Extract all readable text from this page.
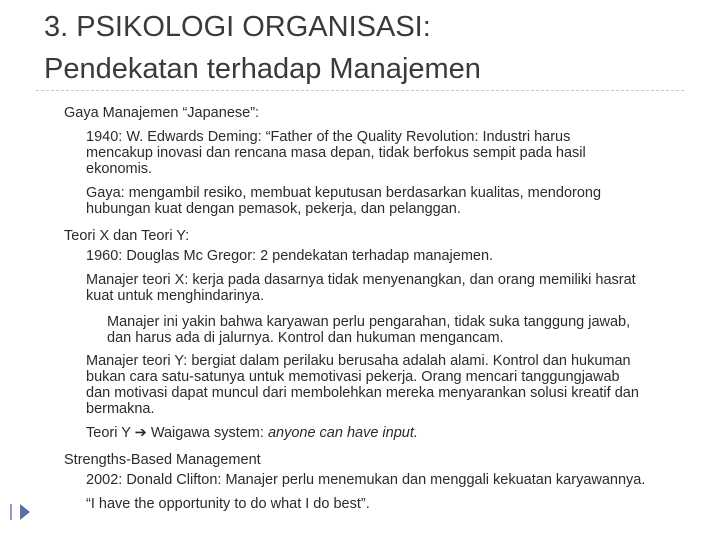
3. PSIKOLOGI ORGANISASI:
Pendekatan terhadap Manajemen
Gaya Manajemen “Japanese”:
1940: W. Edwards Deming: “Father of the Quality Revolution: Industri harus
mencakup inovasi dan rencana masa depan, tidak berfokus sempit pada hasil
ekonomis.
Gaya: mengambil resiko, membuat keputusan berdasarkan kualitas, mendorong
hubungan kuat dengan pemasok, pekerja, dan pelanggan.
Teori X dan Teori Y:
1960: Douglas Mc Gregor: 2 pendekatan terhadap manajemen.
Manajer teori X: kerja pada dasarnya tidak menyenangkan, dan orang memiliki hasrat
kuat untuk menghindarinya.
Manajer ini yakin bahwa karyawan perlu pengarahan, tidak suka tanggung jawab,
dan harus ada di jalurnya. Kontrol dan hukuman mengancam.
Manajer teori Y: bergiat dalam perilaku berusaha adalah alami. Kontrol dan hukuman
bukan cara satu-satunya untuk memotivasi pekerja. Orang mencari tanggungjawab
dan motivasi dapat muncul dari membolehkan mereka menyarankan solusi kreatif dan
bermakna.
Teori Y ➔ Waigawa system: anyone can have input.
Strengths-Based Management
2002: Donald Clifton: Manajer perlu menemukan dan menggali kekuatan karyawannya.
“I have the opportunity to do what I do best”.
